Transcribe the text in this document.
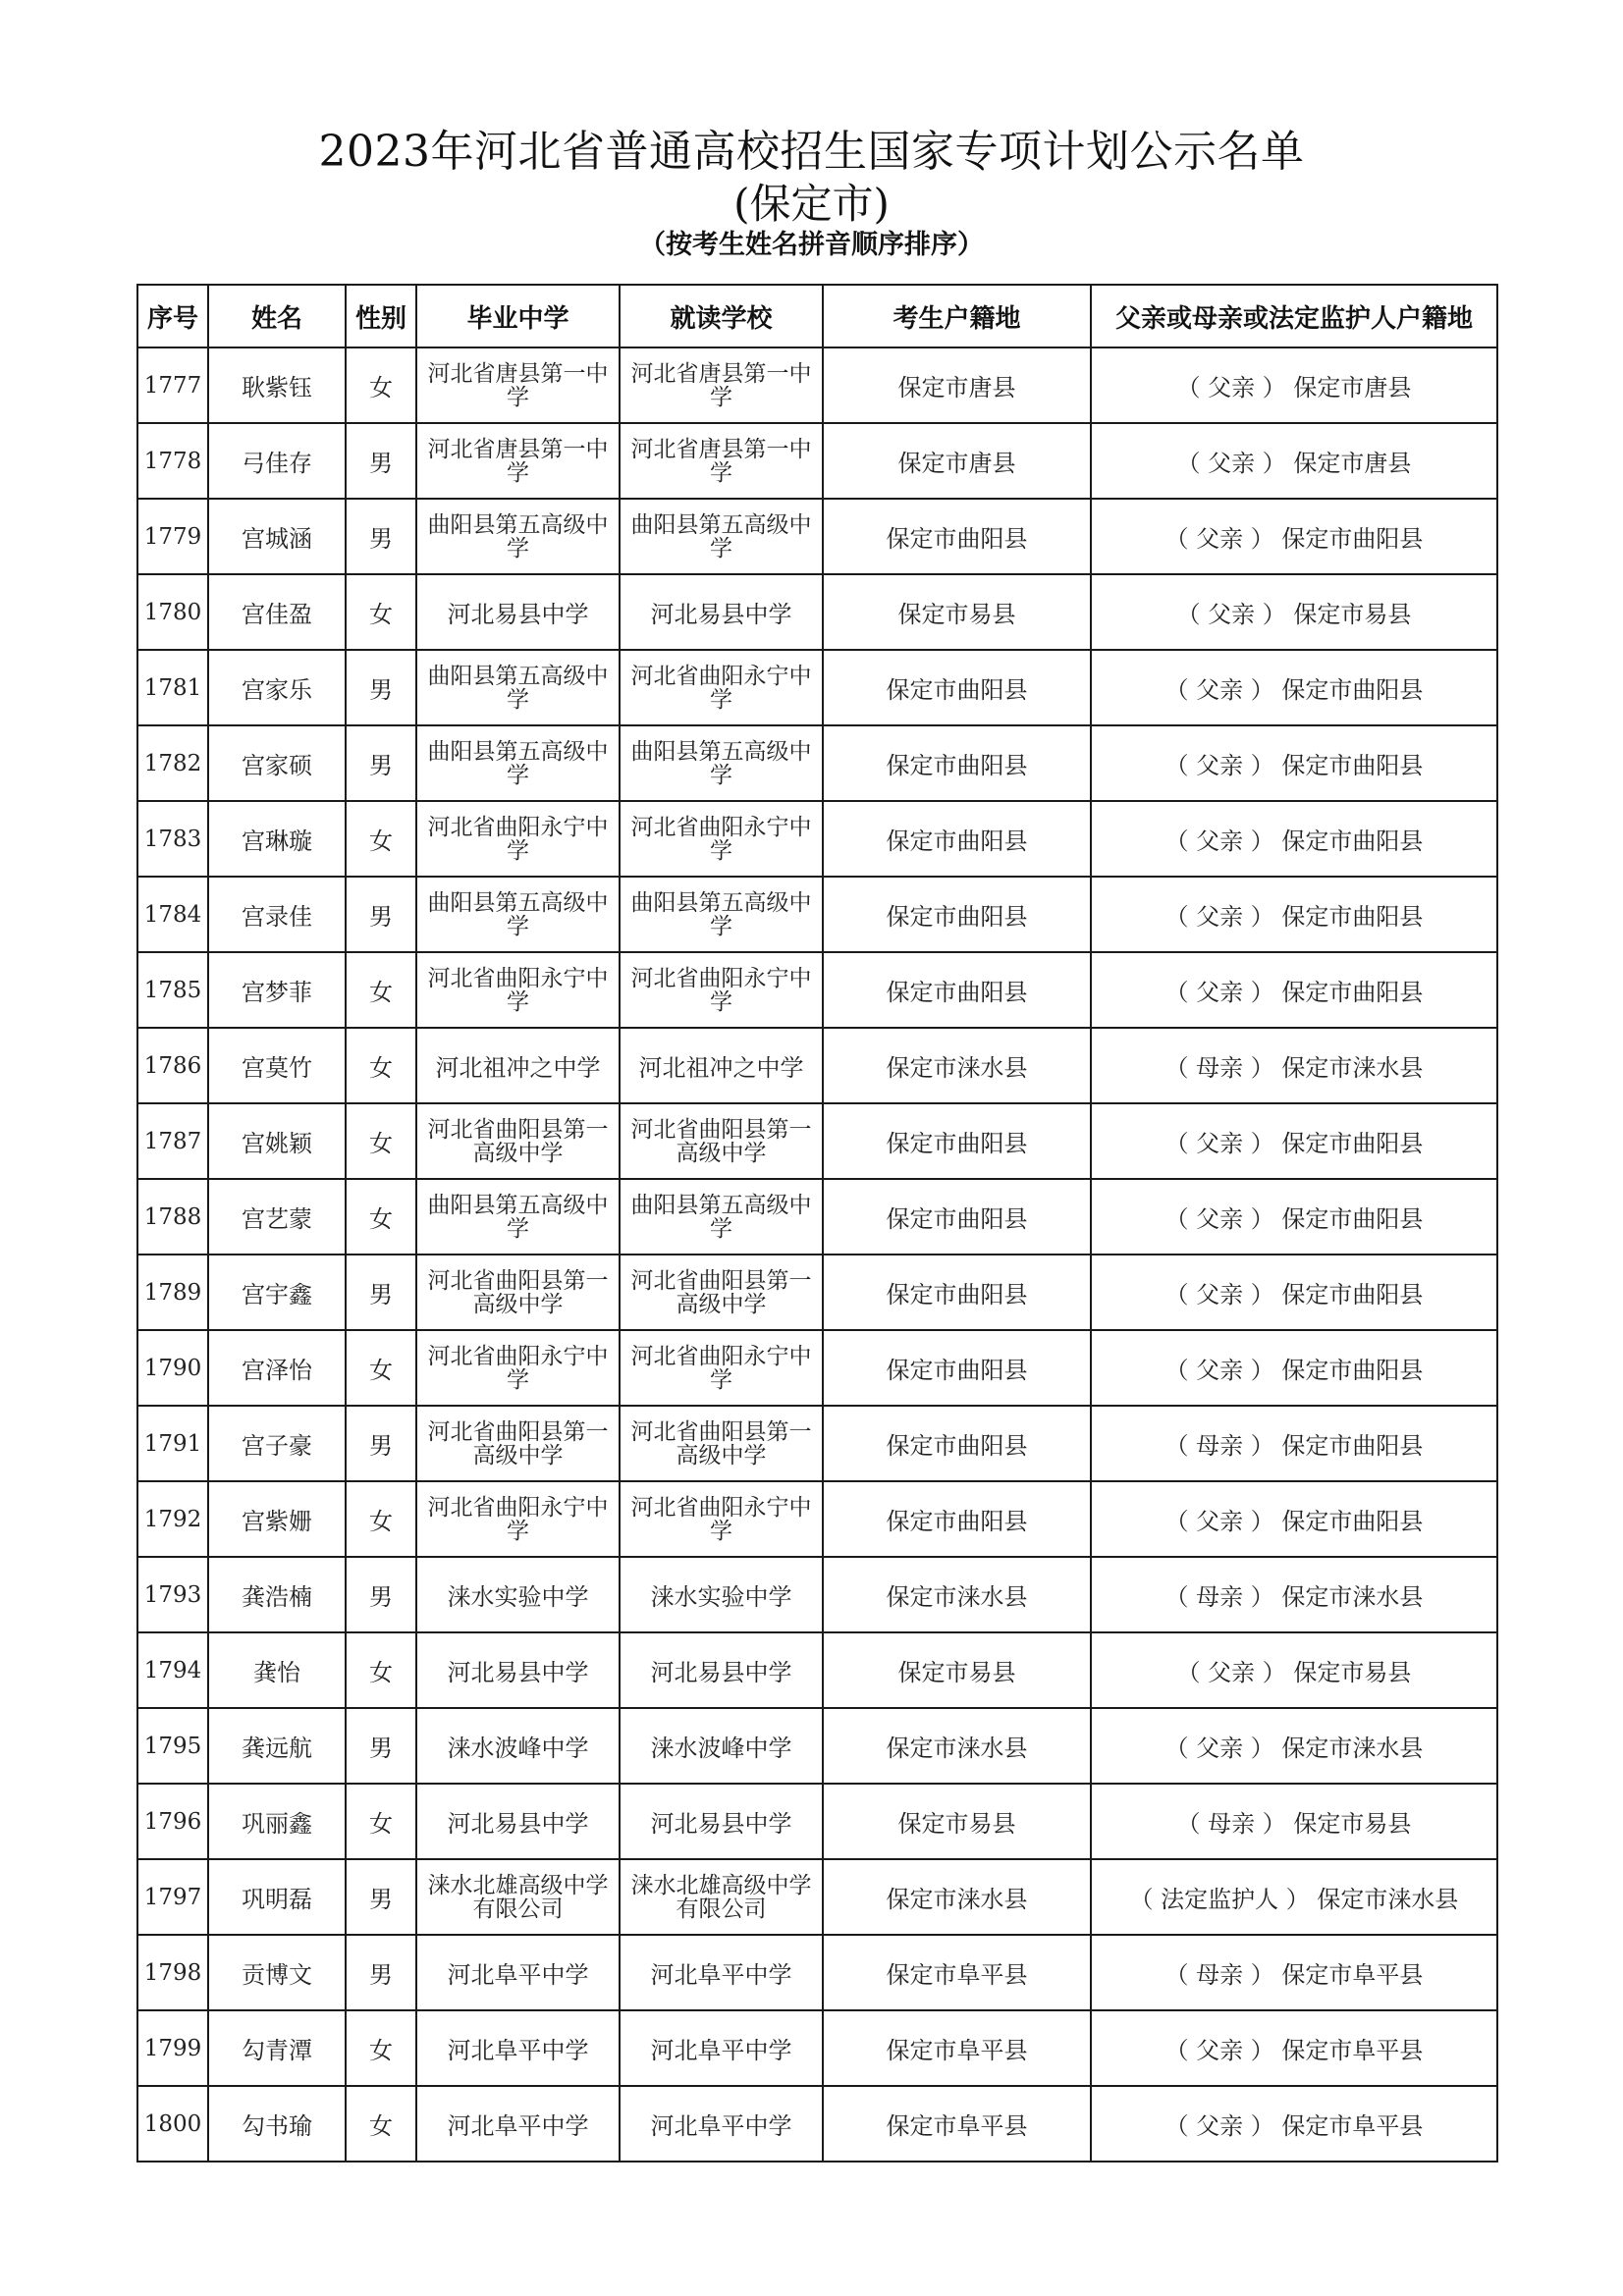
2023年河北省普通高校招生国家专项计划公示名单
(保定市)
（按考生姓名拼音顺序排序）
序号	姓名	性别	毕业中学	就读学校	考生户籍地	父亲或母亲或法定监护人户籍地
1777	耿紫钰	女	河北省唐县第一中学	河北省唐县第一中学	保定市唐县	（ 父亲 ） 保定市唐县
1778	弓佳存	男	河北省唐县第一中学	河北省唐县第一中学	保定市唐县	（ 父亲 ） 保定市唐县
1779	宫城涵	男	曲阳县第五高级中学	曲阳县第五高级中学	保定市曲阳县	（ 父亲 ） 保定市曲阳县
1780	宫佳盈	女	河北易县中学	河北易县中学	保定市易县	（ 父亲 ） 保定市易县
1781	宫家乐	男	曲阳县第五高级中学	河北省曲阳永宁中学	保定市曲阳县	（ 父亲 ） 保定市曲阳县
1782	宫家硕	男	曲阳县第五高级中学	曲阳县第五高级中学	保定市曲阳县	（ 父亲 ） 保定市曲阳县
1783	宫琳璇	女	河北省曲阳永宁中学	河北省曲阳永宁中学	保定市曲阳县	（ 父亲 ） 保定市曲阳县
1784	宫录佳	男	曲阳县第五高级中学	曲阳县第五高级中学	保定市曲阳县	（ 父亲 ） 保定市曲阳县
1785	宫梦菲	女	河北省曲阳永宁中学	河北省曲阳永宁中学	保定市曲阳县	（ 父亲 ） 保定市曲阳县
1786	宫莫竹	女	河北祖冲之中学	河北祖冲之中学	保定市涞水县	（ 母亲 ） 保定市涞水县
1787	宫姚颖	女	河北省曲阳县第一高级中学	河北省曲阳县第一高级中学	保定市曲阳县	（ 父亲 ） 保定市曲阳县
1788	宫艺蒙	女	曲阳县第五高级中学	曲阳县第五高级中学	保定市曲阳县	（ 父亲 ） 保定市曲阳县
1789	宫宇鑫	男	河北省曲阳县第一高级中学	河北省曲阳县第一高级中学	保定市曲阳县	（ 父亲 ） 保定市曲阳县
1790	宫泽怡	女	河北省曲阳永宁中学	河北省曲阳永宁中学	保定市曲阳县	（ 父亲 ） 保定市曲阳县
1791	宫子豪	男	河北省曲阳县第一高级中学	河北省曲阳县第一高级中学	保定市曲阳县	（ 母亲 ） 保定市曲阳县
1792	宫紫姗	女	河北省曲阳永宁中学	河北省曲阳永宁中学	保定市曲阳县	（ 父亲 ） 保定市曲阳县
1793	龚浩楠	男	涞水实验中学	涞水实验中学	保定市涞水县	（ 母亲 ） 保定市涞水县
1794	龚怡	女	河北易县中学	河北易县中学	保定市易县	（ 父亲 ） 保定市易县
1795	龚远航	男	涞水波峰中学	涞水波峰中学	保定市涞水县	（ 父亲 ） 保定市涞水县
1796	巩丽鑫	女	河北易县中学	河北易县中学	保定市易县	（ 母亲 ） 保定市易县
1797	巩明磊	男	涞水北雄高级中学有限公司	涞水北雄高级中学有限公司	保定市涞水县	（ 法定监护人 ） 保定市涞水县
1798	贡博文	男	河北阜平中学	河北阜平中学	保定市阜平县	（ 母亲 ） 保定市阜平县
1799	勾青潭	女	河北阜平中学	河北阜平中学	保定市阜平县	（ 父亲 ） 保定市阜平县
1800	勾书瑜	女	河北阜平中学	河北阜平中学	保定市阜平县	（ 父亲 ） 保定市阜平县
